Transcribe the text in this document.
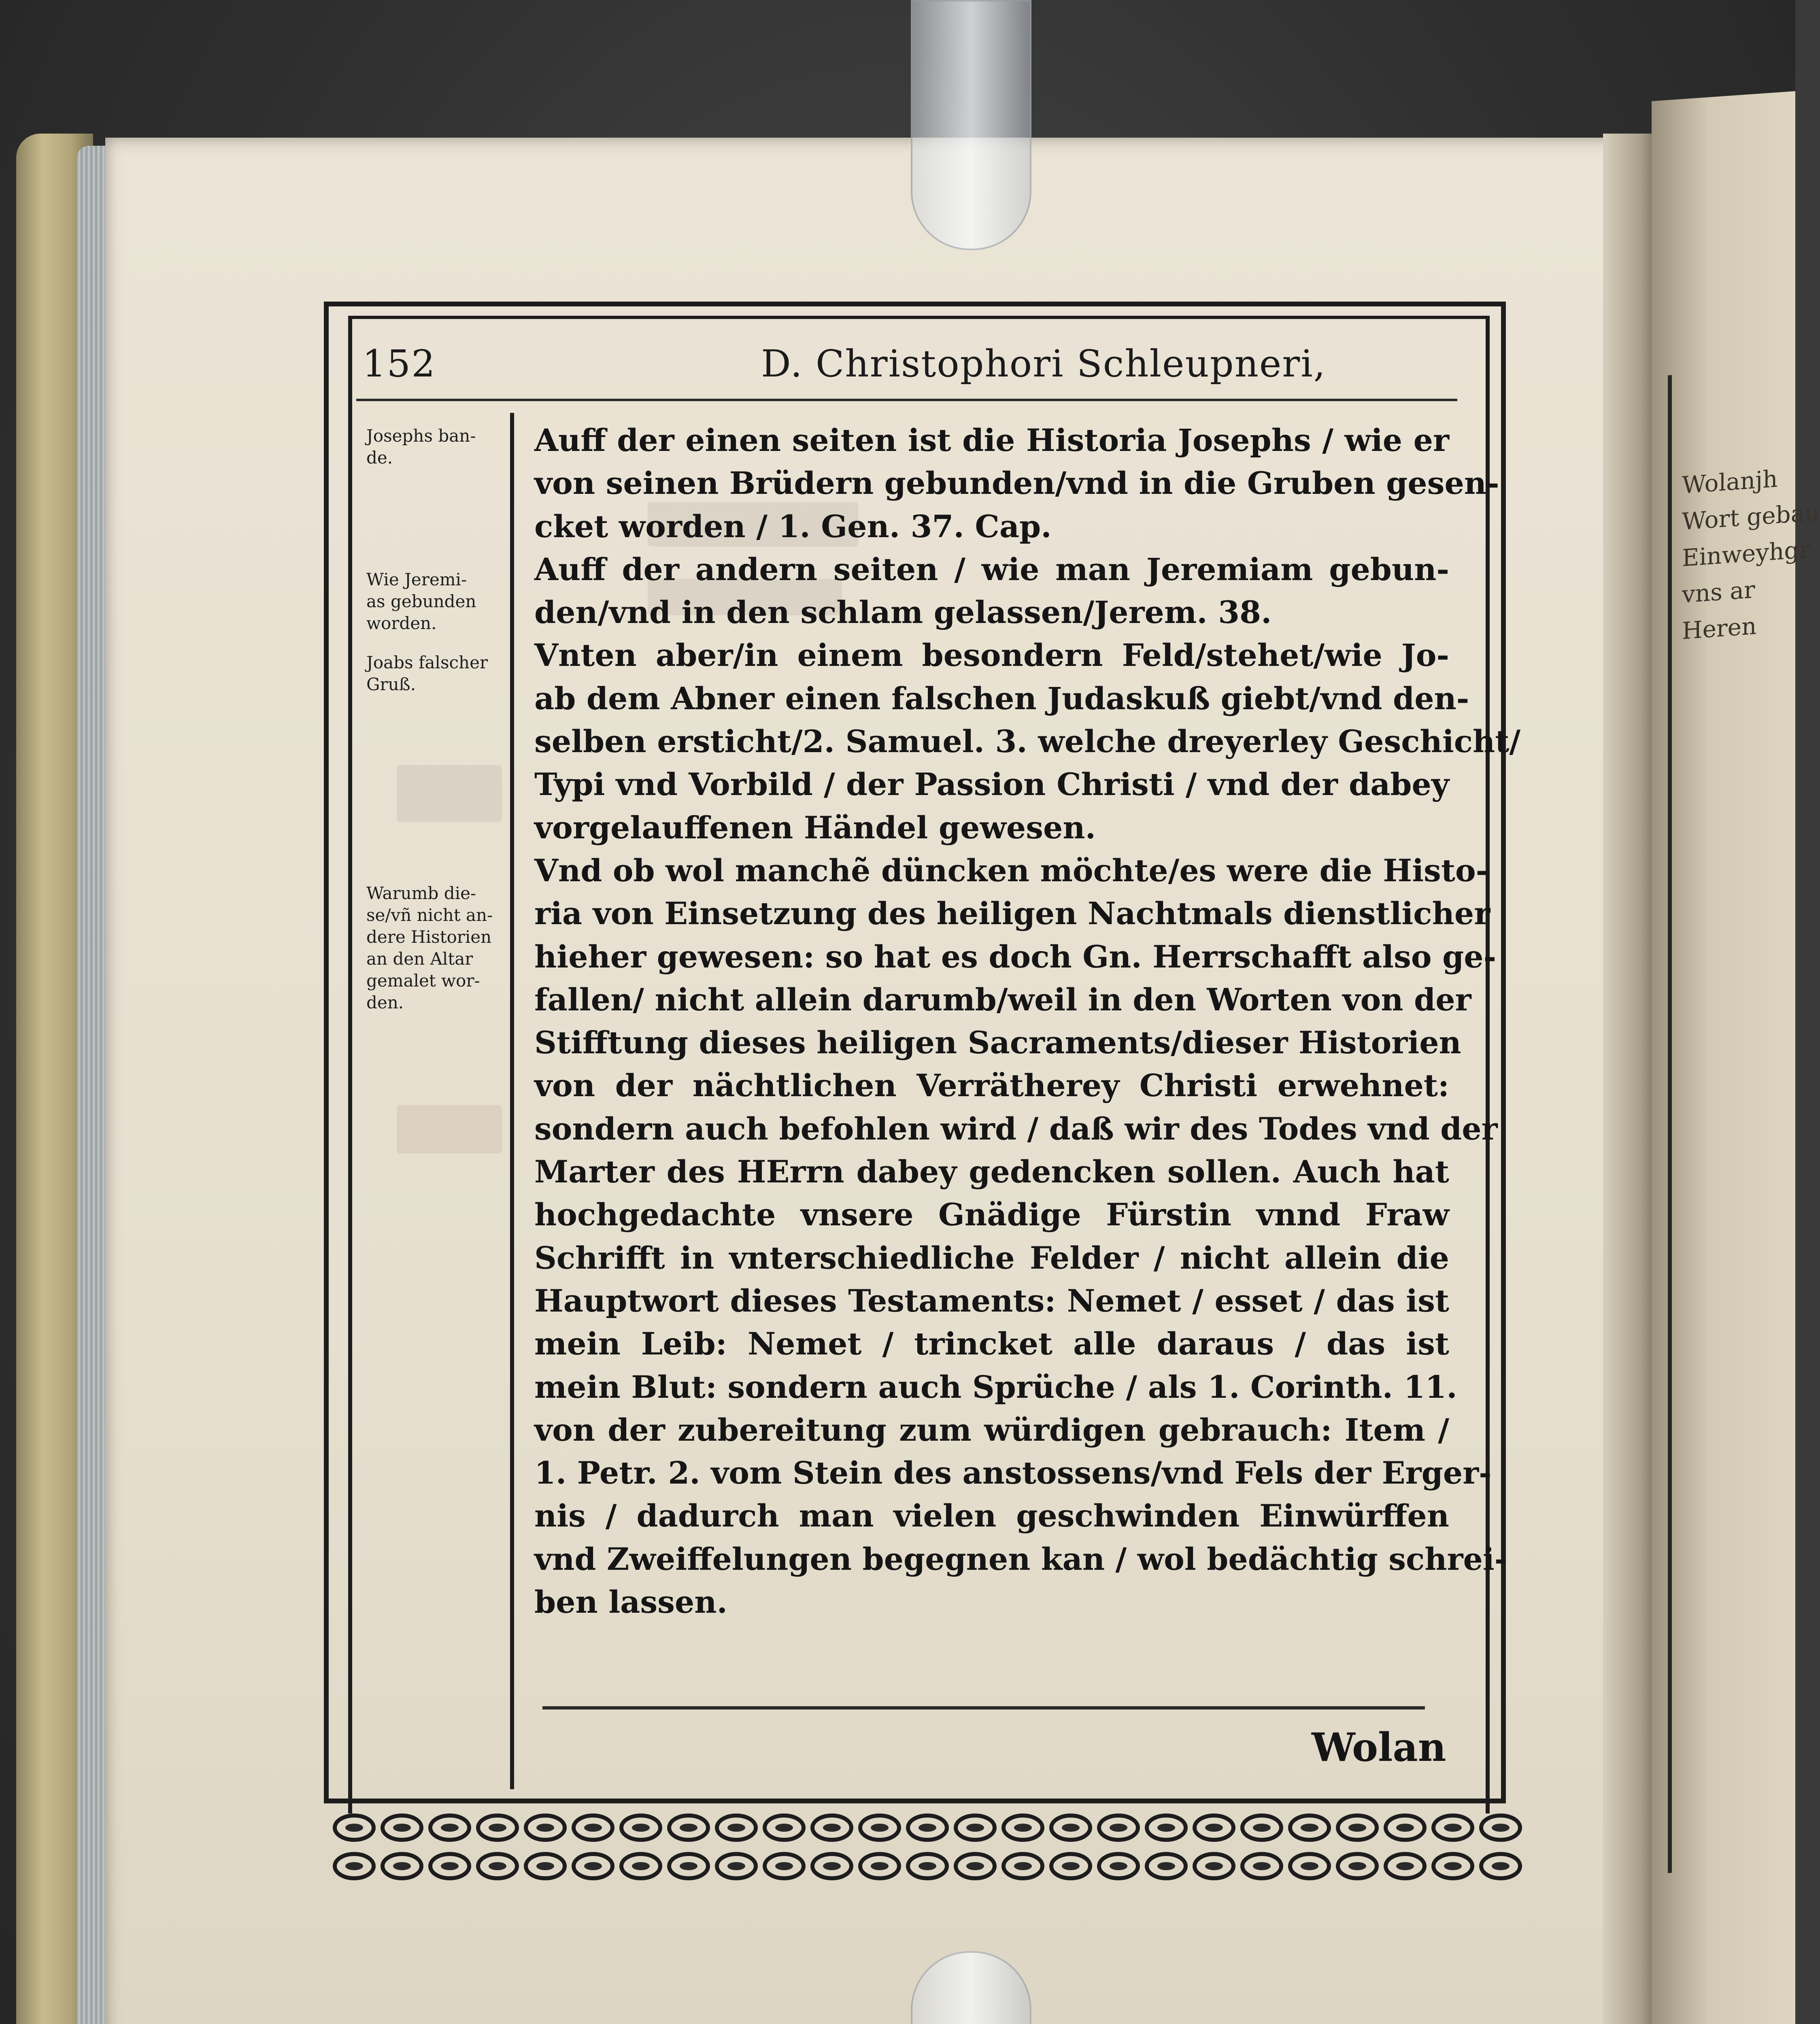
Wolanjh
Wort gebau
Einweyhgr
vns ar
Heren
152	D. Christophori Schleupneri,
Josephs ban-
de.
Wie Jeremi-
as gebunden
worden.
Joabs falscher
Gruß.
Warumb die-
se/vñ nicht an-
dere Historien
an den Altar
gemalet wor-
den.
Auff der einen seiten ist die Historia Josephs / wie er
von seinen Brüdern gebunden/vnd in die Gruben gesen-
cket worden / 1. Gen. 37. Cap.
Auff der andern seiten / wie man Jeremiam gebun-
den/vnd in den schlam gelassen/Jerem. 38.
Vnten aber/in einem besondern Feld/stehet/wie Jo-
ab dem Abner einen falschen Judaskuß giebt/vnd den-
selben ersticht/2. Samuel. 3. welche dreyerley Geschicht/
Typi vnd Vorbild / der Passion Christi / vnd der dabey
vorgelauffenen Händel gewesen.
Vnd ob wol manchẽ düncken möchte/es were die Histo-
ria von Einsetzung des heiligen Nachtmals dienstlicher
hieher gewesen: so hat es doch Gn. Herrschafft also ge-
fallen/ nicht allein darumb/weil in den Worten von der
Stifftung dieses heiligen Sacraments/dieser Historien
von der nächtlichen Verrätherey Christi erwehnet:
sondern auch befohlen wird / daß wir des Todes vnd der
Marter des HErrn dabey gedencken sollen. Auch hat
hochgedachte vnsere Gnädige Fürstin vnnd Fraw
Schrifft in vnterschiedliche Felder / nicht allein die
Hauptwort dieses Testaments: Nemet / esset / das ist
mein Leib: Nemet / trincket alle daraus / das ist
mein Blut: sondern auch Sprüche / als 1. Corinth. 11.
von der zubereitung zum würdigen gebrauch: Item /
1. Petr. 2. vom Stein des anstossens/vnd Fels der Erger-
nis / dadurch man vielen geschwinden Einwürffen
vnd Zweiffelungen begegnen kan / wol bedächtig schrei-
ben lassen.
Wolan
